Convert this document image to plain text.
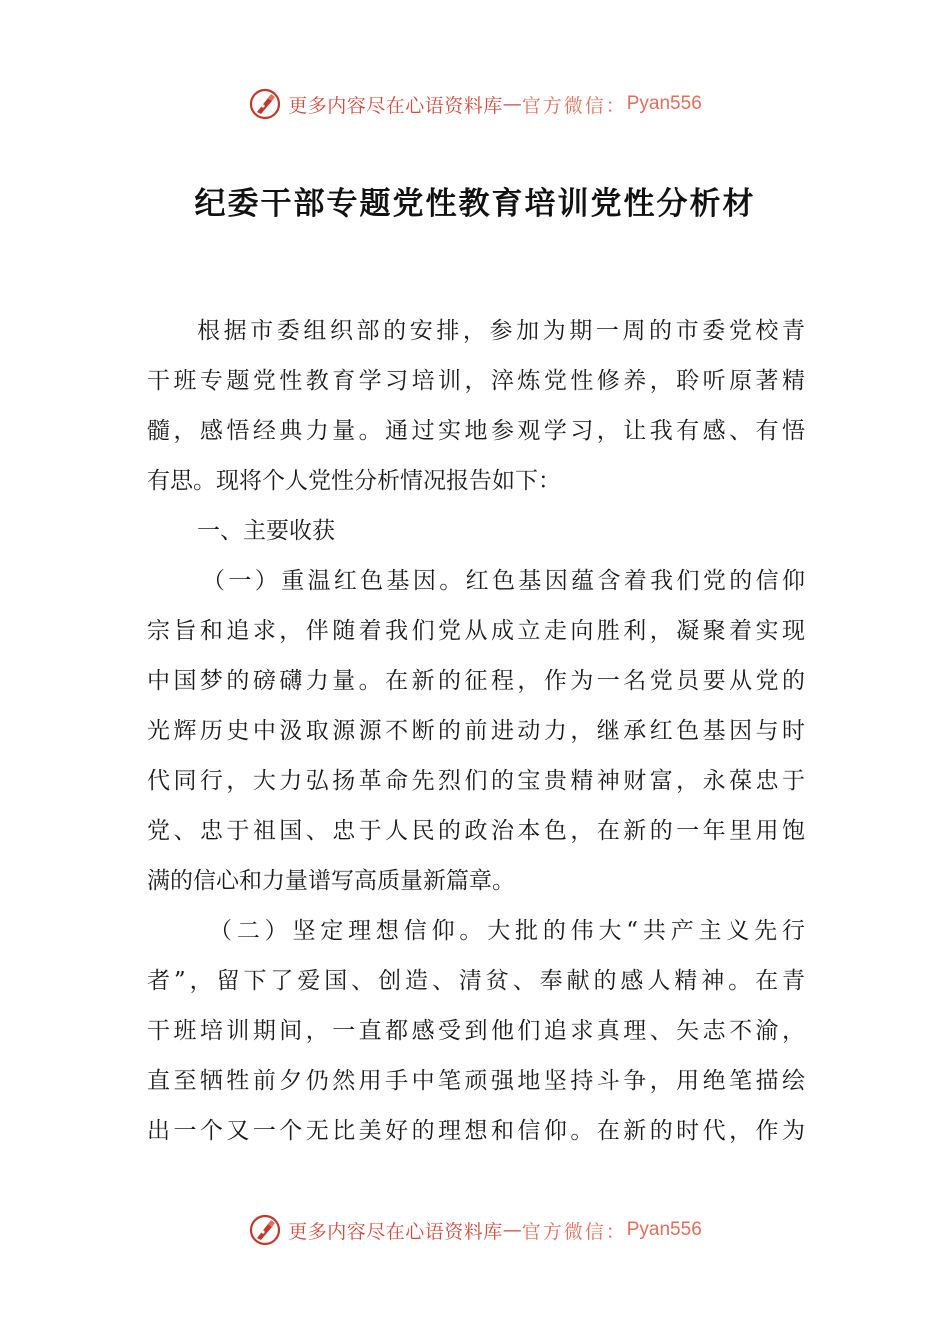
更多内容尽在心语资料库 — 官方微信： Pyan556
纪委干部专题党性教育培训党性分析材
根据市委组织部的安排，参加为期一周的市委党校青
干班专题党性教育学习培训，淬炼党性修养，聆听原著精
髓，感悟经典力量。通过实地参观学习，让我有感、有悟
有思。现将个人党性分析情况报告如下：
一、主要收获
（一）重温红色基因。红色基因蕴含着我们党的信仰
宗旨和追求，伴随着我们党从成立走向胜利，凝聚着实现
中国梦的磅礴力量。在新的征程，作为一名党员要从党的
光辉历史中汲取源源不断的前进动力，继承红色基因与时
代同行，大力弘扬革命先烈们的宝贵精神财富，永葆忠于
党、忠于祖国、忠于人民的政治本色，在新的一年里用饱
满的信心和力量谱写高质量新篇章。
（二）坚定理想信仰。大批的伟大“共产主义先行
者”，留下了爱国、创造、清贫、奉献的感人精神。在青
干班培训期间，一直都感受到他们追求真理、矢志不渝，
直至牺牲前夕仍然用手中笔顽强地坚持斗争，用绝笔描绘
出一个又一个无比美好的理想和信仰。在新的时代，作为
更多内容尽在心语资料库 — 官方微信： Pyan556
